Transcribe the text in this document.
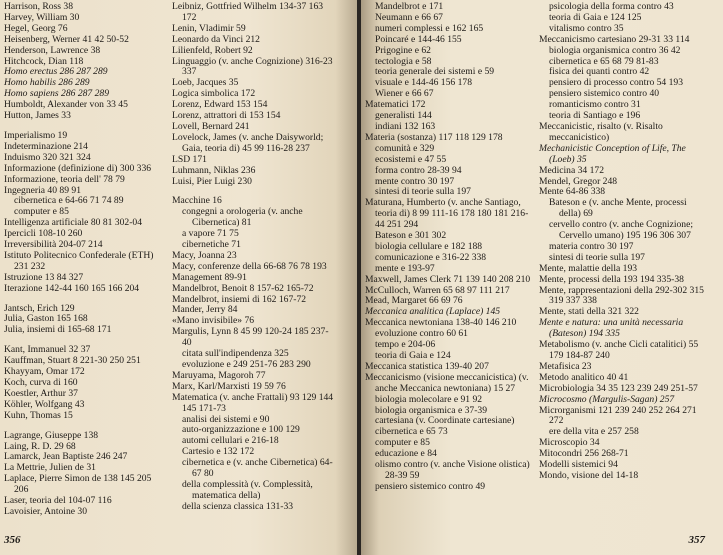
Harrison, Ross 38
Harvey, William 30
Hegel, Georg 76
Heisenberg, Werner 41 42 50-52
Henderson, Lawrence 38
Hitchcock, Dian 118
Homo erectus 286 287 289
Homo habilis 286 289
Homo sapiens 286 287 289
Humboldt, Alexander von 33 45
Hutton, James 33
Imperialismo 19
Indeterminazione 214
Induismo 320 321 324
Informazione (definizione di) 300 336
Informazione, teoria dell' 78 79
Ingegneria 40 89 91
cibernetica e 64-66 71 74 89
computer e 85
Intelligenza artificiale 80 81 302-04
Ipercicli 108-10 260
Irreversibilità 204-07 214
Istituto Politecnico Confederale (ETH) 231 232
Istruzione 13 84 327
Iterazione 142-44 160 165 166 204
Jantsch, Erich 129
Julia, Gaston 165 168
Julia, insiemi di 165-68 171
Kant, Immanuel 32 37
Kauffman, Stuart 8 221-30 250 251
Khayyam, Omar 172
Koch, curva di 160
Koestler, Arthur 37
Köhler, Wolfgang 43
Kuhn, Thomas 15
Lagrange, Giuseppe 138
Laing, R. D. 29 68
Lamarck, Jean Baptiste 246 247
La Mettrie, Julien de 31
Laplace, Pierre Simon de 138 145 205 206
Laser, teoria del 104-07 116
Lavoisier, Antoine 30
Leibniz, Gottfried Wilhelm 134-37 163 172
Lenin, Vladimir 59
Leonardo da Vinci 212
Lilienfeld, Robert 92
Linguaggio (v. anche Cognizione) 316-23 337
Loeb, Jacques 35
Logica simbolica 172
Lorenz, Edward 153 154
Lorenz, attrattori di 153 154
Lovell, Bernard 241
Lovelock, James (v. anche Daisyworld; Gaia, teoria di) 45 99 116-28 237
LSD 171
Luhmann, Niklas 236
Luisi, Pier Luigi 230
Macchine 16
congegni a orologeria (v. anche Cibernetica) 81
a vapore 71 75
cibernetiche 71
Macy, Joanna 23
Macy, conferenze della 66-68 76 78 193
Management 89-91
Mandelbrot, Benoit 8 157-62 165-72
Mandelbrot, insiemi di 162 167-72
Mander, Jerry 84
«Mano invisibile» 76
Margulis, Lynn 8 45 99 120-24 185 237-40
citata sull'indipendenza 325
evoluzione e 249 251-76 283 290
Maruyama, Magoroh 77
Marx, Karl/Marxisti 19 59 76
Matematica (v. anche Frattali) 93 129 144 145 171-73
analisi dei sistemi e 90
auto-organizzazione e 100 129
automi cellulari e 216-18
Cartesio e 132 172
cibernetica e (v. anche Cibernetica) 64-67 80
della complessità (v. Complessità, matematica della)
della scienza classica 131-33
356
Mandelbrot e 171
Neumann e 66 67
numeri complessi e 162 165
Poincaré e 144-46 155
Prigogine e 62
tectologia e 58
teoria generale dei sistemi e 59
visuale e 144-46 156 178
Wiener e 66 67
Matematici 172
generalisti 144
indiani 132 163
Materia (sostanza) 117 118 129 178
comunità e 329
ecosistemi e 47 55
forma contro 28-39 94
mente contro 30 197
sintesi di teorie sulla 197
Maturana, Humberto (v. anche Santiago, teoria di) 8 99 111-16 178 180 181 216-44 251 294
Bateson e 301 302
biologia cellulare e 182 188
comunicazione e 316-22 338
mente e 193-97
Maxwell, James Clerk 71 139 140 208 210
McCulloch, Warren 65 68 97 111 217
Mead, Margaret 66 69 76
Meccanica analitica (Laplace) 145
Meccanica newtoniana 138-40 146 210
evoluzione contro 60 61
tempo e 204-06
teoria di Gaia e 124
Meccanica statistica 139-40 207
Meccanicismo (visione meccanicistica) (v. anche Meccanica newtoniana) 15 27
biologia molecolare e 91 92
biologia organismica e 37-39
cartesiana (v. Coordinate cartesiane)
cibernetica e 65 73
computer e 85
educazione e 84
olismo contro (v. anche Visione olistica) 28-39 59
pensiero sistemico contro 49
psicologia della forma contro 43
teoria di Gaia e 124 125
vitalismo contro 35
Meccanicismo cartesiano 29-31 33 114
biologia organismica contro 36 42
cibernetica e 65 68 79 81-83
fisica dei quanti contro 42
pensiero di processo contro 54 193
pensiero sistemico contro 40
romanticismo contro 31
teoria di Santiago e 196
Meccanicistic, risalto (v. Risalto meccanicistico)
Mechanicistic Conception of Life, The (Loeb) 35
Medicina 34 172
Mendel, Gregor 248
Mente 64-86 338
Bateson e (v. anche Mente, processi della) 69
cervello contro (v. anche Cognizione; Cervello umano) 195 196 306 307
materia contro 30 197
sintesi di teorie sulla 197
Mente, malattie della 193
Mente, processi della 193 194 335-38
Mente, rappresentazioni della 292-302 315 319 337 338
Mente, stati della 321 322
Mente e natura: una unità necessaria (Bateson) 194 335
Metabolismo (v. anche Cicli catalitici) 55 179 184-87 240
Metafisica 23
Metodo analitico 40 41
Microbiologia 34 35 123 239 249 251-57
Microcosmo (Margulis-Sagan) 257
Microrganismi 121 239 240 252 264 271 272
ere della vita e 257 258
Microscopio 34
Mitocondri 256 268-71
Modelli sistemici 94
Mondo, visione del 14-18
357
